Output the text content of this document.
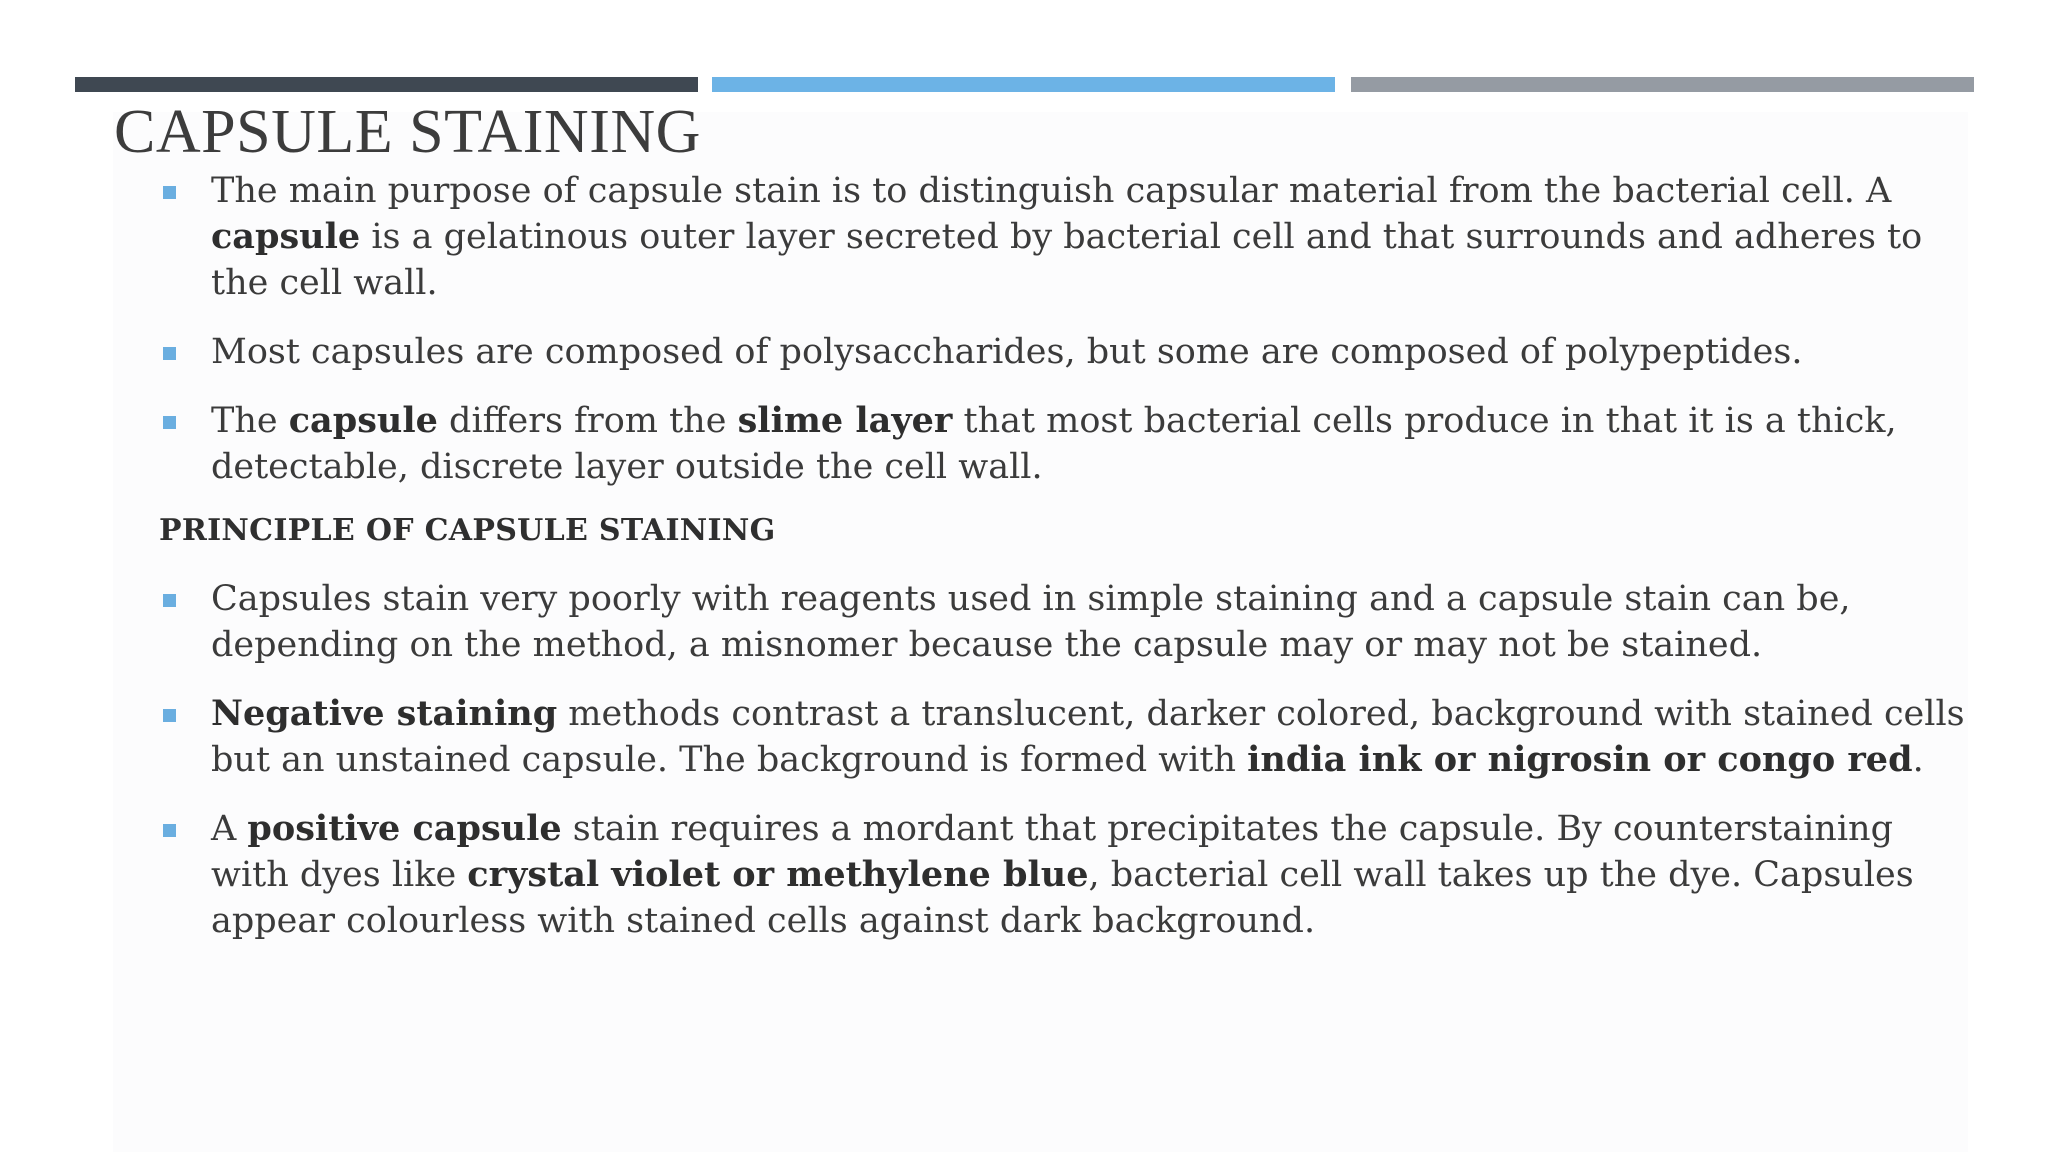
CAPSULE STAINING
The main purpose of capsule stain is to distinguish capsular material from the bacterial cell. A capsule is a gelatinous outer layer secreted by bacterial cell and that surrounds and adheres to the cell wall.
Most capsules are composed of polysaccharides, but some are composed of polypeptides.
The capsule differs from the slime layer that most bacterial cells produce in that it is a thick, detectable, discrete layer outside the cell wall.
PRINCIPLE OF CAPSULE STAINING
Capsules stain very poorly with reagents used in simple staining and a capsule stain can be, depending on the method, a misnomer because the capsule may or may not be stained.
Negative staining methods contrast a translucent, darker colored, background with stained cells but an unstained capsule. The background is formed with india ink or nigrosin or congo red.
A positive capsule stain requires a mordant that precipitates the capsule. By counterstaining with dyes like crystal violet or methylene blue, bacterial cell wall takes up the dye. Capsules appear colourless with stained cells against dark background.
